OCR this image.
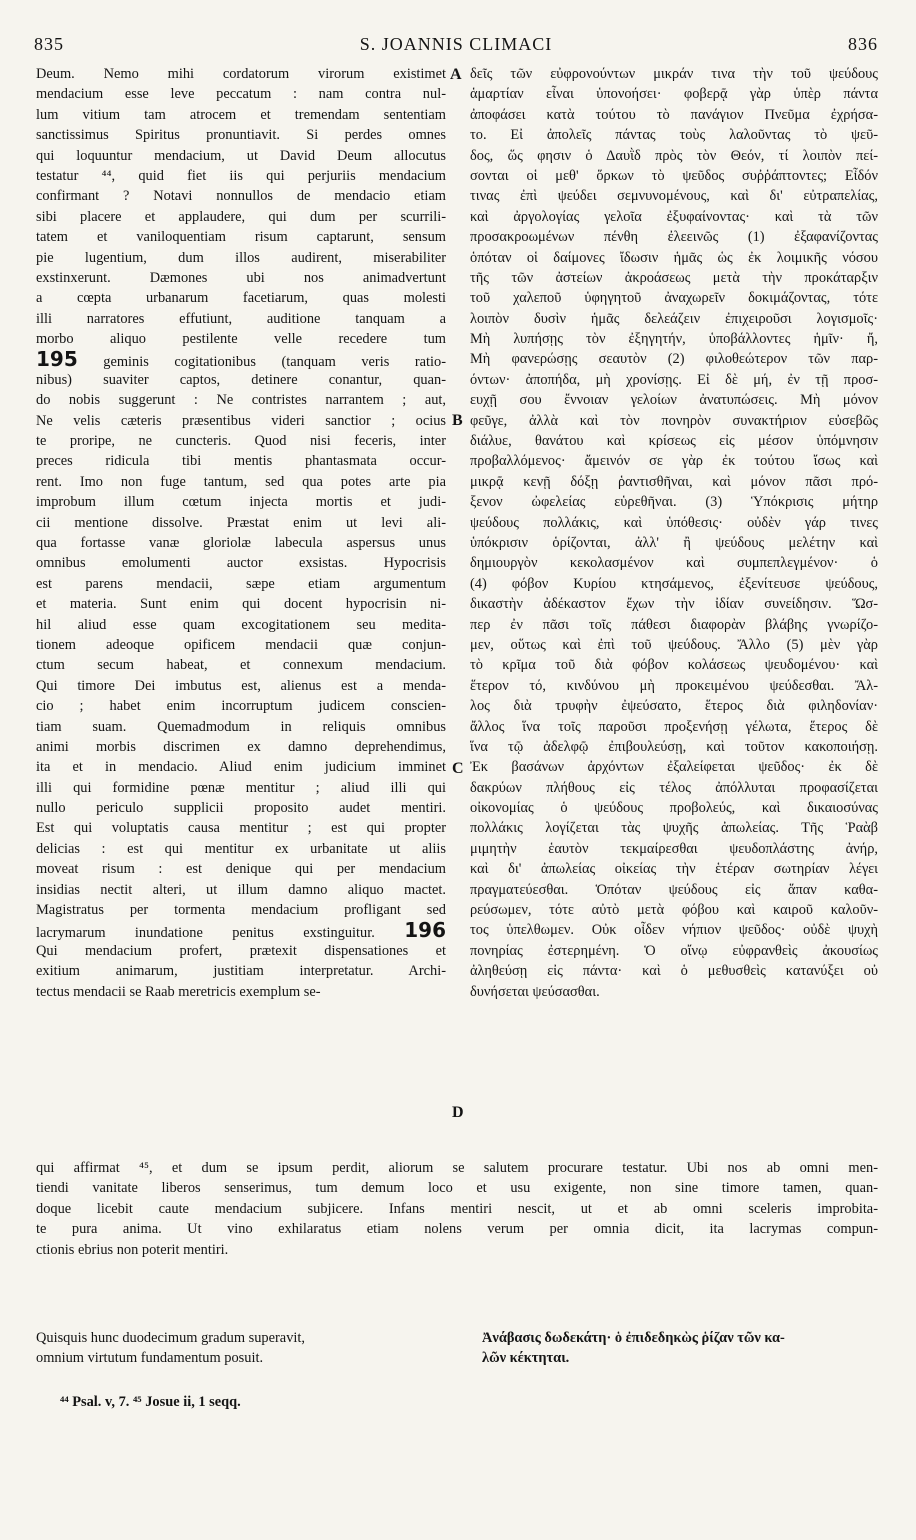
835	S. JOANNIS CLIMACI	836
Deum. Nemo mihi cordatorum virorum existimet
mendacium esse leve peccatum : nam contra nul-
lum vitium tam atrocem et tremendam sententiam
sanctissimus Spiritus pronuntiavit. Si perdes omnes
qui loquuntur mendacium, ut David Deum allocutus
testatur ⁴⁴, quid fiet iis qui perjuriis mendacium
confirmant ? Notavi nonnullos de mendacio etiam
sibi placere et applaudere, qui dum per scurrili-
tatem et vaniloquentiam risum captarunt, sensum
pie lugentium, dum illos audirent, miserabiliter
exstinxerunt. Dæmones ubi nos animadvertunt
a cœpta urbanarum facetiarum, quas molesti
illi narratores effutiunt, auditione tanquam a
morbo aliquo pestilente velle recedere tum
195 geminis cogitationibus (tanquam veris ratio-
nibus) suaviter captos, detinere conantur, quan-
do nobis suggerunt : Ne contristes narrantem ; aut,
Ne velis cæteris præsentibus videri sanctior ; ocius
te proripe, ne cuncteris. Quod nisi feceris, inter
preces ridicula tibi mentis phantasmata occur-
rent. Imo non fuge tantum, sed qua potes arte pia
improbum illum cœtum injecta mortis et judi-
cii mentione dissolve. Præstat enim ut levi ali-
qua fortasse vanæ gloriolæ labecula aspersus unus
omnibus emolumenti auctor exsistas. Hypocrisis
est parens mendacii, sæpe etiam argumentum
et materia. Sunt enim qui docent hypocrisin ni-
hil aliud esse quam excogitationem seu medita-
tionem adeoque opificem mendacii quæ conjun-
ctum secum habeat, et connexum mendacium.
Qui timore Dei imbutus est, alienus est a menda-
cio ; habet enim incorruptum judicem conscien-
tiam suam. Quemadmodum in reliquis omnibus
animi morbis discrimen ex damno deprehendimus,
ita et in mendacio. Aliud enim judicium imminet
illi qui formidine pœnæ mentitur ; aliud illi qui
nullo periculo supplicii proposito audet mentiri.
Est qui voluptatis causa mentitur ; est qui propter
delicias : est qui mentitur ex urbanitate ut aliis
moveat risum : est denique qui per mendacium
insidias nectit alteri, ut illum damno aliquo mactet.
Magistratus per tormenta mendacium profligant sed
lacrymarum inundatione penitus exstinguitur. 196
Qui mendacium profert, prætexit dispensationes et
exitium animarum, justitiam interpretatur. Archi-
tectus mendacii se Raab meretricis exemplum se-
δεῖς τῶν εὐφρονούντων μικράν τινα τὴν τοῦ ψεύδους
ἁμαρτίαν εἶναι ὑπονοήσει· φοβερᾷ γὰρ ὑπὲρ πάντα
ἀποφάσει κατὰ τούτου τὸ πανάγιον Πνεῦμα ἐχρήσα-
το. Εἰ ἀπολεῖς πάντας τοὺς λαλοῦντας τὸ ψεῦ-
δος, ὥς φησιν ὁ Δαυῒδ πρὸς τὸν Θεόν, τί λοιπὸν πεί-
σονται οἱ μεθ' ὅρκων τὸ ψεῦδος συῤῥάπτοντες; Εἶδόν
τινας ἐπὶ ψεύδει σεμνυνομένους, καὶ δι' εὐτραπελίας,
καὶ ἀργολογίας γελοῖα ἐξυφαίνοντας· καὶ τὰ τῶν
προσακροωμένων πένθη ἐλεεινῶς (1) ἐξαφανίζοντας
ὁπόταν οἱ δαίμονες ἴδωσιν ἡμᾶς ὡς ἐκ λοιμικῆς νόσου
τῆς τῶν ἀστείων ἀκροάσεως μετὰ τὴν προκάταρξιν
τοῦ χαλεποῦ ὑφηγητοῦ ἀναχωρεῖν δοκιμάζοντας, τότε
λοιπὸν δυσὶν ἡμᾶς δελεάζειν ἐπιχειροῦσι λογισμοῖς·
Μὴ λυπήσῃς τὸν ἐξηγητήν, ὑποβάλλοντες ἡμῖν· ἤ,
Μὴ φανερώσῃς σεαυτὸν (2) φιλοθεώτερον τῶν παρ-
όντων· ἀποπήδα, μὴ χρονίσῃς. Εἰ δὲ μή, ἐν τῇ προσ-
ευχῇ σου ἔννοιαν γελοίων ἀνατυπώσεις. Μὴ μόνον
φεῦγε, ἀλλὰ καὶ τὸν πονηρὸν συνακτήριον εὐσεβῶς
διάλυε, θανάτου καὶ κρίσεως εἰς μέσον ὑπόμνησιν
προβαλλόμενος· ἄμεινόν σε γὰρ ἐκ τούτου ἴσως καὶ
μικρᾷ κενῇ δόξῃ ῥαντισθῆναι, καὶ μόνον πᾶσι πρό-
ξενον ὠφελείας εὑρεθῆναι. (3) Ὑπόκρισις μήτηρ
ψεύδους πολλάκις, καὶ ὑπόθεσις· οὐδὲν γάρ τινες
ὑπόκρισιν ὁρίζονται, ἀλλ' ἢ ψεύδους μελέτην καὶ
δημιουργὸν κεκολασμένον καὶ συμπεπλεγμένον· ὁ
(4) φόβον Κυρίου κτησάμενος, ἐξενίτευσε ψεύδους,
δικαστὴν ἀδέκαστον ἔχων τὴν ἰδίαν συνείδησιν. Ὥσ-
περ ἐν πᾶσι τοῖς πάθεσι διαφορὰν βλάβης γνωρίζο-
μεν, οὕτως καὶ ἐπὶ τοῦ ψεύδους. Ἄλλο (5) μὲν γὰρ
τὸ κρῖμα τοῦ διὰ φόβον κολάσεως ψευδομένου· καὶ
ἕτερον τό, κινδύνου μὴ προκειμένου ψεύδεσθαι. Ἄλ-
λος διὰ τρυφὴν ἐψεύσατο, ἕτερος διὰ φιληδονίαν·
ἄλλος ἵνα τοῖς παροῦσι προξενήσῃ γέλωτα, ἕτερος δὲ
ἵνα τῷ ἀδελφῷ ἐπιβουλεύσῃ, καὶ τοῦτον κακοποιήσῃ.
Ἐκ βασάνων ἀρχόντων ἐξαλείφεται ψεῦδος· ἐκ δὲ
δακρύων πλήθους εἰς τέλος ἀπόλλυται προφασίζεται
οἰκονομίας ὁ ψεύδους προβολεύς, καὶ δικαιοσύνας
πολλάκις λογίζεται τὰς ψυχῆς ἀπωλείας. Τῆς Ῥαὰβ
μιμητὴν ἑαυτὸν τεκμαίρεσθαι ψευδοπλάστης ἀνήρ,
καὶ δι' ἀπωλείας οἰκείας τὴν ἑτέραν σωτηρίαν λέγει
πραγματεύεσθαι. Ὁπόταν ψεύδους εἰς ἅπαν καθα-
ρεύσωμεν, τότε αὐτὸ μετὰ φόβου καὶ καιροῦ καλοῦν-
τος ὑπελθωμεν. Οὐκ οἶδεν νήπιον ψεῦδος· οὐδὲ ψυχὴ
πονηρίας ἐστερημένη. Ὁ οἴνῳ εὐφρανθεὶς ἀκουσίως
ἀληθεύσῃ εἰς πάντα· καὶ ὁ μεθυσθεὶς κατανύξει οὐ
δυνήσεται ψεύσασθαι.
A
B
C
D
qui affirmat ⁴⁵, et dum se ipsum perdit, aliorum se salutem procurare testatur. Ubi nos ab omni men-
tiendi vanitate liberos senserimus, tum demum loco et usu exigente, non sine timore tamen, quan-
doque licebit caute mendacium subjicere. Infans mentiri nescit, ut et ab omni sceleris improbita-
te pura anima. Ut vino exhilaratus etiam nolens verum per omnia dicit, ita lacrymas compun-
ctionis ebrius non poterit mentiri.
Quisquis hunc duodecimum gradum superavit,
omnium virtutum fundamentum posuit.
Ἀνάβασις δωδεκάτη· ὁ ἐπιδεδηκὼς ῥίζαν τῶν κα-
λῶν κέκτηται.
⁴⁴ Psal. v, 7. ⁴⁵ Josue ii, 1 seqq.
